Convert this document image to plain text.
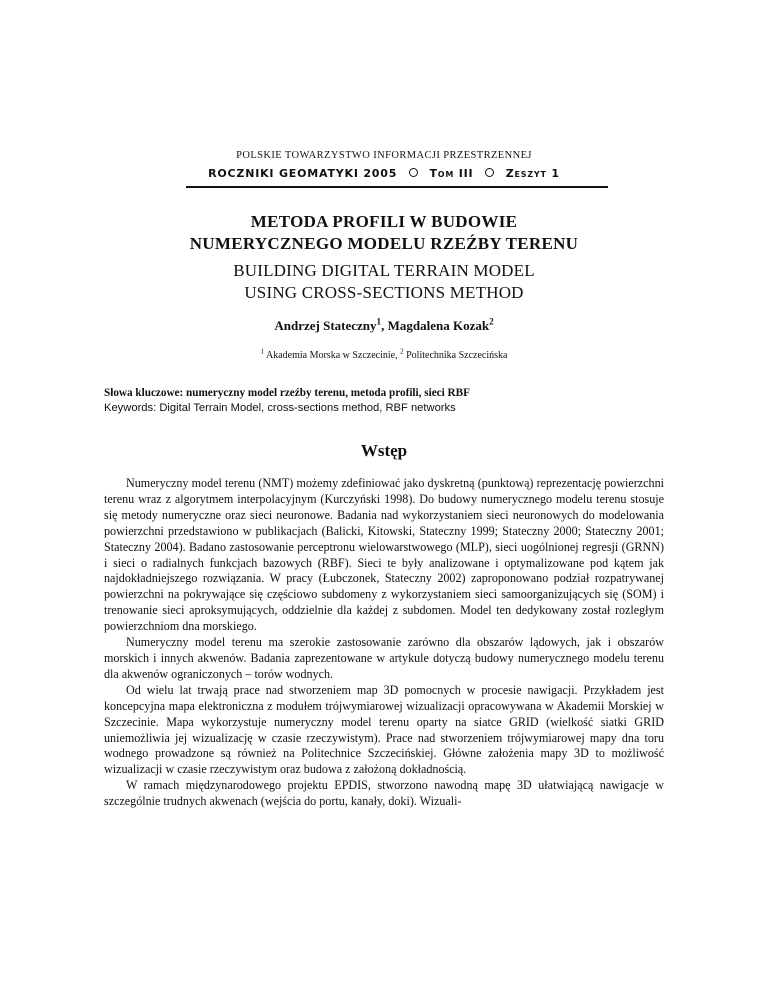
POLSKIE TOWARZYSTWO INFORMACJI PRZESTRZENNEJ
ROCZNIKI GEOMATYKI 2005	Tom III	Zeszyt 1
METODA PROFILI W BUDOWIE
NUMERYCZNEGO MODELU RZEŹBY TERENU
BUILDING DIGITAL TERRAIN MODEL
USING CROSS-SECTIONS METHOD
Andrzej Stateczny$^1$, Magdalena Kozak$^2$
$^1$ Akademia Morska w Szczecinie, $^2$ Politechnika Szczecińska
Słowa kluczowe: numeryczny model rzeźby terenu, metoda profili, sieci RBF
Keywords: Digital Terrain Model, cross-sections method, RBF networks
Wstęp

Numeryczny model terenu (NMT) możemy zdefiniować jako dyskretną (punktową) reprezentację powierzchni terenu wraz z algorytmem interpolacyjnym (Kurczyński 1998). Do budowy numerycznego modelu terenu stosuje się metody numeryczne oraz sieci neuronowe. Badania nad wykorzystaniem sieci neuronowych do modelowania powierzchni przedstawiono w publikacjach (Balicki, Kitowski, Stateczny 1999; Stateczny 2000; Stateczny 2001; Stateczny 2004). Badano zastosowanie perceptronu wielowarstwowego (MLP), sieci uogólnionej regresji (GRNN) i sieci o radialnych funkcjach bazowych (RBF). Sieci te były analizowane i optymalizowane pod kątem jak najdokładniejszego rozwiązania. W pracy (Łubczonek, Stateczny 2002) zaproponowano podział rozpatrywanej powierzchni na pokrywające się częściowo subdomeny z wykorzystaniem sieci samoorganizujących się (SOM) i trenowanie sieci aproksymujących, oddzielnie dla każdej z subdomen. Model ten dedykowany został rozległym powierzchniom dna morskiego.

Numeryczny model terenu ma szerokie zastosowanie zarówno dla obszarów lądowych, jak i obszarów morskich i innych akwenów. Badania zaprezentowane w artykule dotyczą budowy numerycznego modelu terenu dla akwenów ograniczonych – torów wodnych.

Od wielu lat trwają prace nad stworzeniem map 3D pomocnych w procesie nawigacji. Przykładem jest koncepcyjna mapa elektroniczna z modułem trójwymiarowej wizualizacji opracowywana w Akademii Morskiej w Szczecinie. Mapa wykorzystuje numeryczny model terenu oparty na siatce GRID (wielkość siatki GRID uniemożliwia jej wizualizację w czasie rzeczywistym). Prace nad stworzeniem trójwymiarowej mapy dna toru wodnego prowadzone są również na Politechnice Szczecińskiej. Główne założenia mapy 3D to możliwość wizualizacji w czasie rzeczywistym oraz budowa z założoną dokładnością.

W ramach międzynarodowego projektu EPDIS, stworzono nawodną mapę 3D ułatwiającą nawigacje w szczególnie trudnych akwenach (wejścia do portu, kanały, doki). Wizuali-
